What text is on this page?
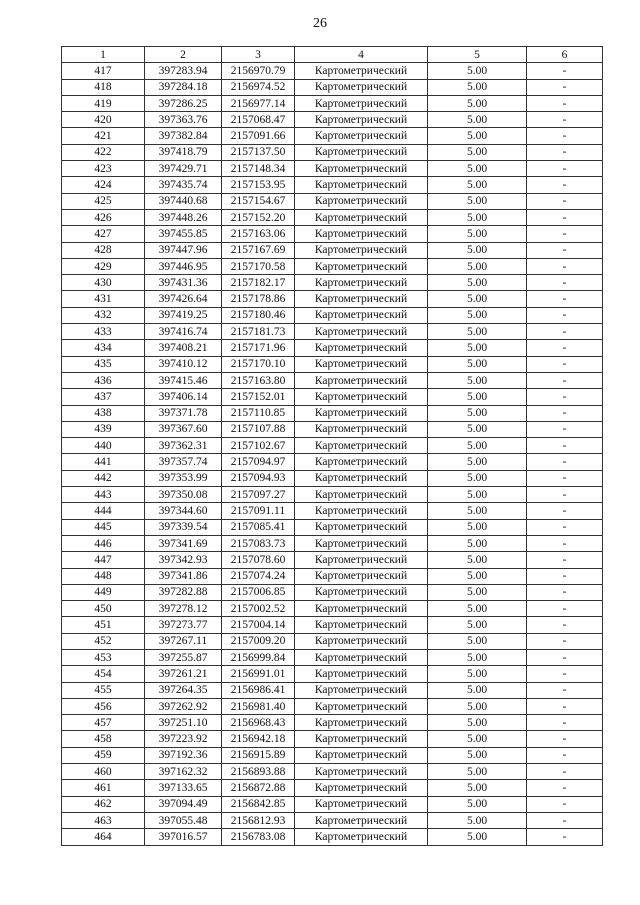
26
1	2	3	4	5	6
417	397283.94	2156970.79	Картометрический	5.00	-
418	397284.18	2156974.52	Картометрический	5.00	-
419	397286.25	2156977.14	Картометрический	5.00	-
420	397363.76	2157068.47	Картометрический	5.00	-
421	397382.84	2157091.66	Картометрический	5.00	-
422	397418.79	2157137.50	Картометрический	5.00	-
423	397429.71	2157148.34	Картометрический	5.00	-
424	397435.74	2157153.95	Картометрический	5.00	-
425	397440.68	2157154.67	Картометрический	5.00	-
426	397448.26	2157152.20	Картометрический	5.00	-
427	397455.85	2157163.06	Картометрический	5.00	-
428	397447.96	2157167.69	Картометрический	5.00	-
429	397446.95	2157170.58	Картометрический	5.00	-
430	397431.36	2157182.17	Картометрический	5.00	-
431	397426.64	2157178.86	Картометрический	5.00	-
432	397419.25	2157180.46	Картометрический	5.00	-
433	397416.74	2157181.73	Картометрический	5.00	-
434	397408.21	2157171.96	Картометрический	5.00	-
435	397410.12	2157170.10	Картометрический	5.00	-
436	397415.46	2157163.80	Картометрический	5.00	-
437	397406.14	2157152.01	Картометрический	5.00	-
438	397371.78	2157110.85	Картометрический	5.00	-
439	397367.60	2157107.88	Картометрический	5.00	-
440	397362.31	2157102.67	Картометрический	5.00	-
441	397357.74	2157094.97	Картометрический	5.00	-
442	397353.99	2157094.93	Картометрический	5.00	-
443	397350.08	2157097.27	Картометрический	5.00	-
444	397344.60	2157091.11	Картометрический	5.00	-
445	397339.54	2157085.41	Картометрический	5.00	-
446	397341.69	2157083.73	Картометрический	5.00	-
447	397342.93	2157078.60	Картометрический	5.00	-
448	397341.86	2157074.24	Картометрический	5.00	-
449	397282.88	2157006.85	Картометрический	5.00	-
450	397278.12	2157002.52	Картометрический	5.00	-
451	397273.77	2157004.14	Картометрический	5.00	-
452	397267.11	2157009.20	Картометрический	5.00	-
453	397255.87	2156999.84	Картометрический	5.00	-
454	397261.21	2156991.01	Картометрический	5.00	-
455	397264.35	2156986.41	Картометрический	5.00	-
456	397262.92	2156981.40	Картометрический	5.00	-
457	397251.10	2156968.43	Картометрический	5.00	-
458	397223.92	2156942.18	Картометрический	5.00	-
459	397192.36	2156915.89	Картометрический	5.00	-
460	397162.32	2156893.88	Картометрический	5.00	-
461	397133.65	2156872.88	Картометрический	5.00	-
462	397094.49	2156842.85	Картометрический	5.00	-
463	397055.48	2156812.93	Картометрический	5.00	-
464	397016.57	2156783.08	Картометрический	5.00	-
